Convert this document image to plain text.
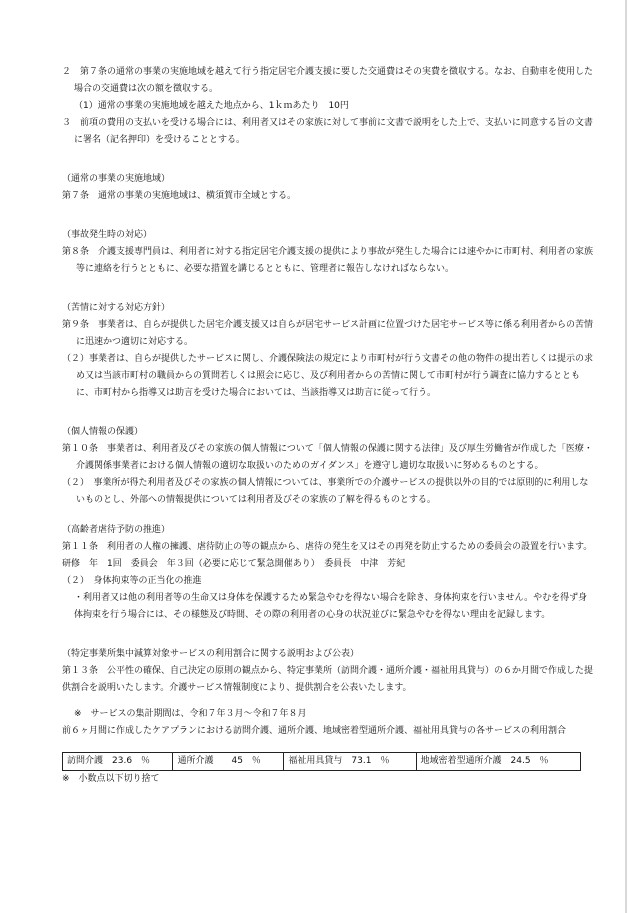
２　第７条の通常の事業の実施地域を越えて行う指定居宅介護支援に要した交通費はその実費を徴収する。なお、自動車を使用した場合の交通費は次の額を徴収する。

（1）通常の事業の実施地域を越えた地点から、1ｋｍあたり　10円

３　前項の費用の支払いを受ける場合には、利用者又はその家族に対して事前に文書で説明をした上で、支払いに同意する旨の文書に署名（記名押印）を受けることとする。

（通常の事業の実施地域）

第７条　通常の事業の実施地域は、横須賀市全域とする。

（事故発生時の対応）

第８条　介護支援専門員は、利用者に対する指定居宅介護支援の提供により事故が発生した場合には速やかに市町村、利用者の家族等に連絡を行うとともに、必要な措置を講じるとともに、管理者に報告しなければならない。

（苦情に対する対応方針）

第９条　事業者は、自らが提供した居宅介護支援又は自らが居宅サービス計画に位置づけた居宅サービス等に係る利用者からの苦情に迅速かつ適切に対応する。

（２）事業者は、自らが提供したサービスに関し、介護保険法の規定により市町村が行う文書その他の物件の提出若しくは提示の求め又は当該市町村の職員からの質問若しくは照会に応じ、及び利用者からの苦情に関して市町村が行う調査に協力するとともに、市町村から指導又は助言を受けた場合においては、当該指導又は助言に従って行う。

（個人情報の保護）

第１０条　事業者は、利用者及びその家族の個人情報について「個人情報の保護に関する法律」及び厚生労働省が作成した「医療・介護関係事業者における個人情報の適切な取扱いのためのガイダンス」を遵守し適切な取扱いに努めるものとする。

（２）　事業所が得た利用者及びその家族の個人情報については、事業所での介護サービスの提供以外の目的では原則的に利用しないものとし、外部への情報提供については利用者及びその家族の了解を得るものとする。

（高齢者虐待予防の推進）

第１１条　利用者の人権の擁護、虐待防止の等の観点から、虐待の発生を又はその再発を防止するための委員会の設置を行います。　研修　年　1回　委員会　年３回（必要に応じて緊急開催あり）　委員長　中津　芳紀

（２）　身体拘束等の正当化の推進

・利用者又は他の利用者等の生命又は身体を保護するため緊急やむを得ない場合を除き、身体拘束を行いません。やむを得ず身体拘束を行う場合には、その様態及び時間、その際の利用者の心身の状況並びに緊急やむを得ない理由を記録します。

（特定事業所集中減算対象サービスの利用割合に関する説明および公表）

第１３条　公平性の確保、自己決定の原則の観点から、特定事業所（訪問介護・通所介護・福祉用具貸与）の６か月間で作成した提供割合を説明いたします。介護サービス情報制度により、提供割合を公表いたします。

※　サービスの集計期間は、令和７年３月～令和７年８月

前６ヶ月間に作成したケアプランにおける訪問介護、通所介護、地域密着型通所介護、福祉用具貸与の各サービスの利用割合

訪問介護　23.6　％	通所介護　　45　％	福祉用具貸与　73.1　％	地域密着型通所介護　24.5　％

※　小数点以下切り捨て
